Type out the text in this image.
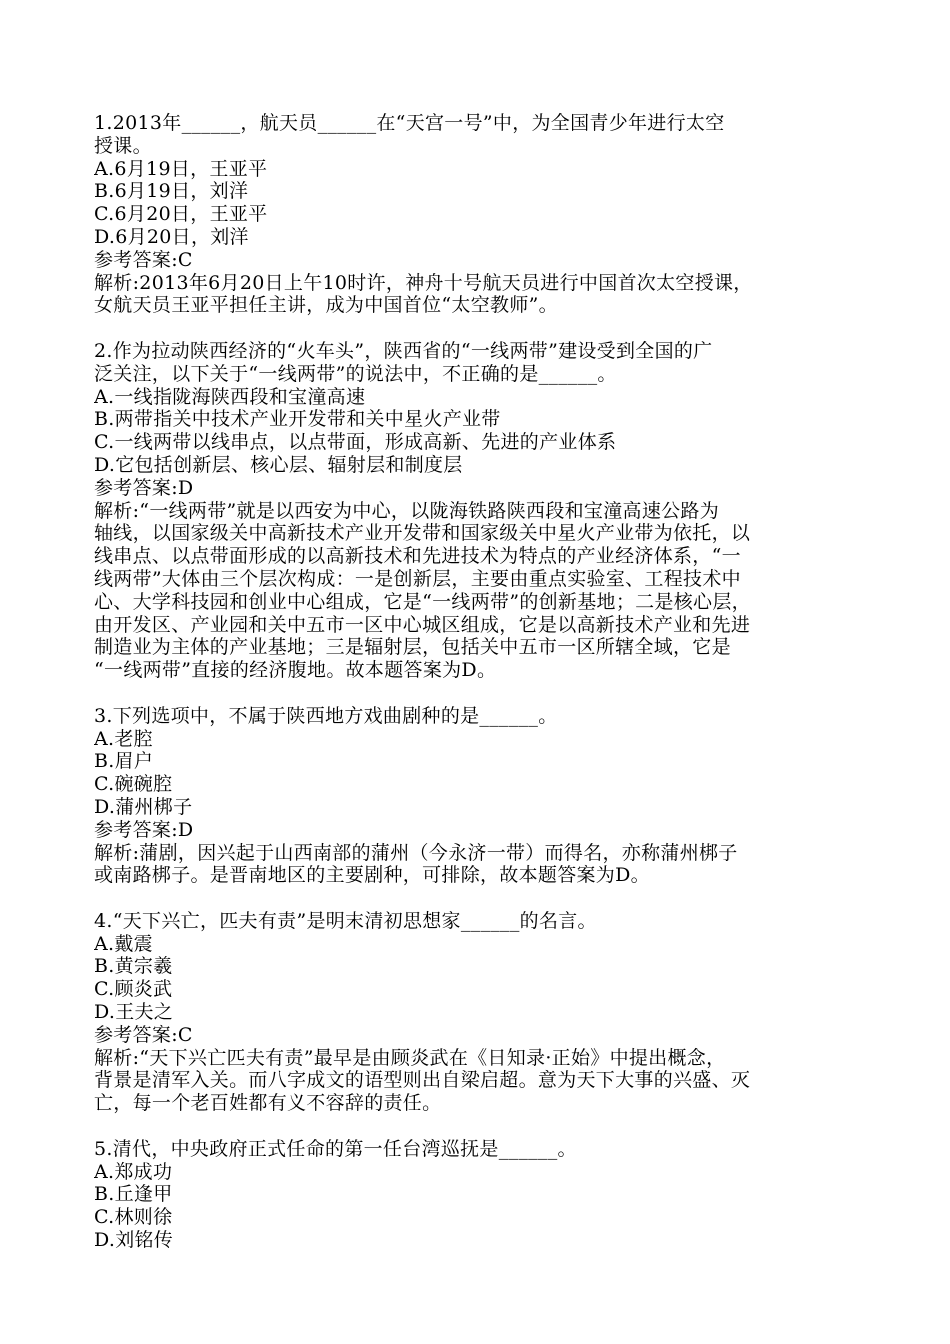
1.2013年______，航天员______在“天宫一号”中，为全国青少年进行太空
授课。
A.6月19日，王亚平
B.6月19日，刘洋
C.6月20日，王亚平
D.6月20日，刘洋
参考答案:C
解析:2013年6月20日上午10时许，神舟十号航天员进行中国首次太空授课，
女航天员王亚平担任主讲，成为中国首位“太空教师”。
2.作为拉动陕西经济的“火车头”，陕西省的“一线两带”建设受到全国的广
泛关注，以下关于“一线两带”的说法中，不正确的是______。
A.一线指陇海陕西段和宝潼高速
B.两带指关中技术产业开发带和关中星火产业带
C.一线两带以线串点，以点带面，形成高新、先进的产业体系
D.它包括创新层、核心层、辐射层和制度层
参考答案:D
解析:“一线两带”就是以西安为中心，以陇海铁路陕西段和宝潼高速公路为
轴线，以国家级关中高新技术产业开发带和国家级关中星火产业带为依托，以
线串点、以点带面形成的以高新技术和先进技术为特点的产业经济体系，“一
线两带”大体由三个层次构成：一是创新层，主要由重点实验室、工程技术中
心、大学科技园和创业中心组成，它是“一线两带”的创新基地；二是核心层，
由开发区、产业园和关中五市一区中心城区组成，它是以高新技术产业和先进
制造业为主体的产业基地；三是辐射层，包括关中五市一区所辖全域，它是
“一线两带”直接的经济腹地。故本题答案为D。
3.下列选项中，不属于陕西地方戏曲剧种的是______。
A.老腔
B.眉户
C.碗碗腔
D.蒲州梆子
参考答案:D
解析:蒲剧，因兴起于山西南部的蒲州（今永济一带）而得名，亦称蒲州梆子
或南路梆子。是晋南地区的主要剧种，可排除，故本题答案为D。
4.“天下兴亡，匹夫有责”是明末清初思想家______的名言。
A.戴震
B.黄宗羲
C.顾炎武
D.王夫之
参考答案:C
解析:“天下兴亡匹夫有责”最早是由顾炎武在《日知录·正始》中提出概念，
背景是清军入关。而八字成文的语型则出自梁启超。意为天下大事的兴盛、灭
亡，每一个老百姓都有义不容辞的责任。
5.清代，中央政府正式任命的第一任台湾巡抚是______。
A.郑成功
B.丘逢甲
C.林则徐
D.刘铭传
